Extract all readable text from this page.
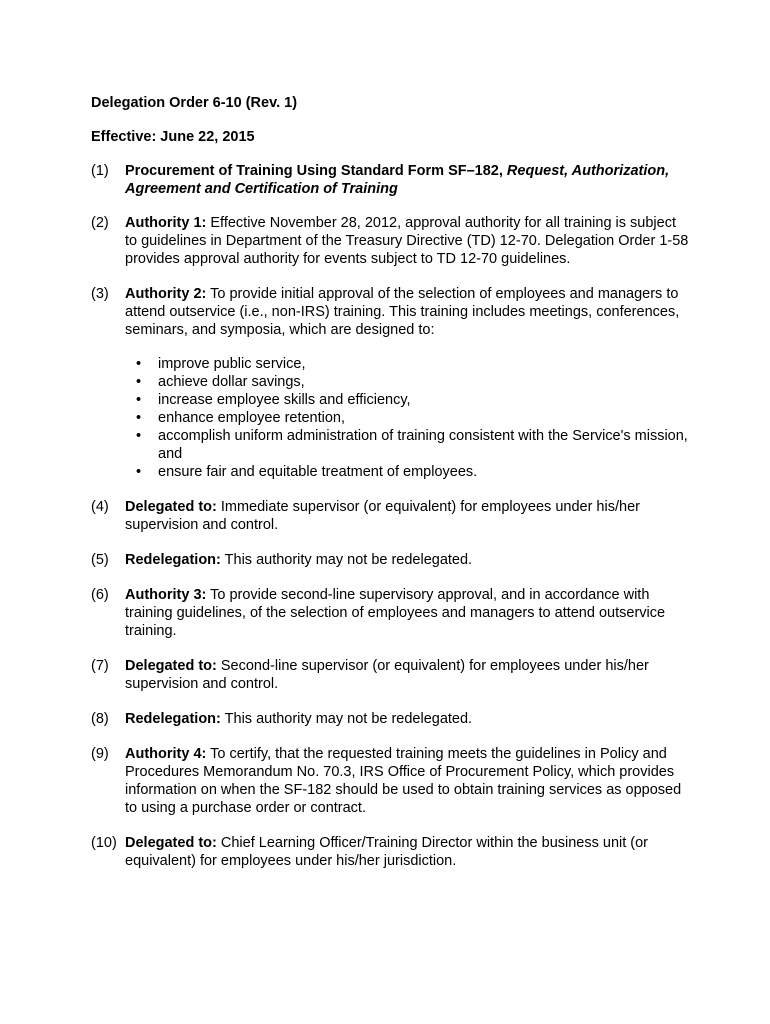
Delegation Order 6-10 (Rev. 1)

Effective: June 22, 2015

(1) Procurement of Training Using Standard Form SF–182, Request, Authorization, Agreement and Certification of Training

(2) Authority 1: Effective November 28, 2012, approval authority for all training is subject to guidelines in Department of the Treasury Directive (TD) 12-70. Delegation Order 1-58 provides approval authority for events subject to TD 12-70 guidelines.

(3) Authority 2: To provide initial approval of the selection of employees and managers to attend outservice (i.e., non-IRS) training. This training includes meetings, conferences, seminars, and symposia, which are designed to:

• improve public service,
• achieve dollar savings,
• increase employee skills and efficiency,
• enhance employee retention,
• accomplish uniform administration of training consistent with the Service's mission, and
• ensure fair and equitable treatment of employees.

(4) Delegated to: Immediate supervisor (or equivalent) for employees under his/her supervision and control.

(5) Redelegation: This authority may not be redelegated.

(6) Authority 3: To provide second-line supervisory approval, and in accordance with training guidelines, of the selection of employees and managers to attend outservice training.

(7) Delegated to: Second-line supervisor (or equivalent) for employees under his/her supervision and control.

(8) Redelegation: This authority may not be redelegated.

(9) Authority 4: To certify, that the requested training meets the guidelines in Policy and Procedures Memorandum No. 70.3, IRS Office of Procurement Policy, which provides information on when the SF-182 should be used to obtain training services as opposed to using a purchase order or contract.

(10) Delegated to: Chief Learning Officer/Training Director within the business unit (or equivalent) for employees under his/her jurisdiction.
